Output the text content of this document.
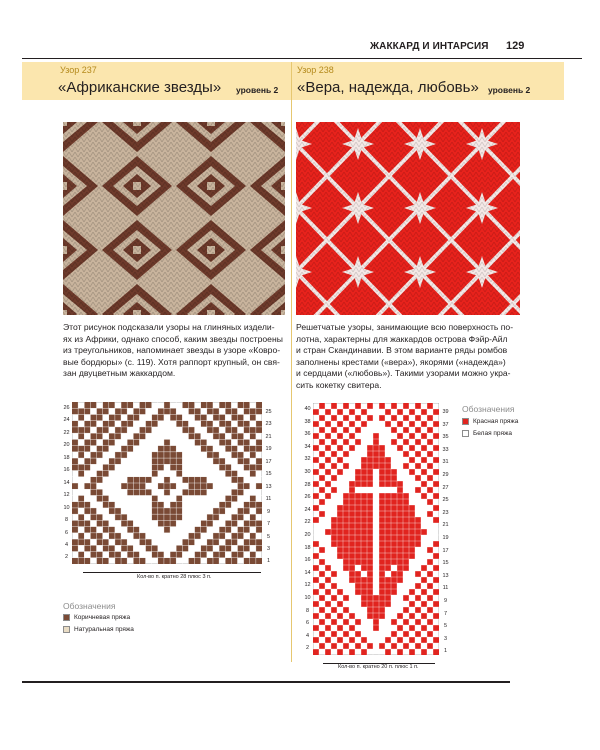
ЖАККАРД И ИНТАРСИЯ 129
Узор 237
«Африканские звезды» уровень 2
Узор 238
«Вера, надежда, любовь» уровень 2

Этот рисунок подсказали узоры на глиняных издели-

ях из Африки, однако способ, каким звезды построены

из треугольников, напоминает звезды в узоре «Ковро-

вые бордюры» (с. 119). Хотя раппорт крупный, он свя-

зан двуцветным жаккардом.

Решетчатые узоры, занимающие всю поверхность по-

лотна, характерны для жаккардов острова Фэйр-Айл

и стран Скандинавии. В этом варианте ряды ромбов

заполнены крестами («вера»), якорями («надежда»)

и сердцами («любовь»). Такими узорами можно укра-

сить кокетку свитера.

26
24
22
20
18
16
14
12
10
8
6
4
2
25
23
21
19
17
15
13
11
9
7
5
3
1
Кол-во п. кратно 28 плюс 3 п.
Обозначения
Коричневая пряжа
Натуральная пряжа
40
38
36
34
32
30
28
26
24
22
20
18
16
14
12
10
8
6
4
2
39
37
35
33
31
29
27
25
23
21
19
17
15
13
11
9
7
5
3
1
Кол-во п. кратно 20 п. плюс 1 п.
Обозначения
Красная пряжа
Белая пряжа
